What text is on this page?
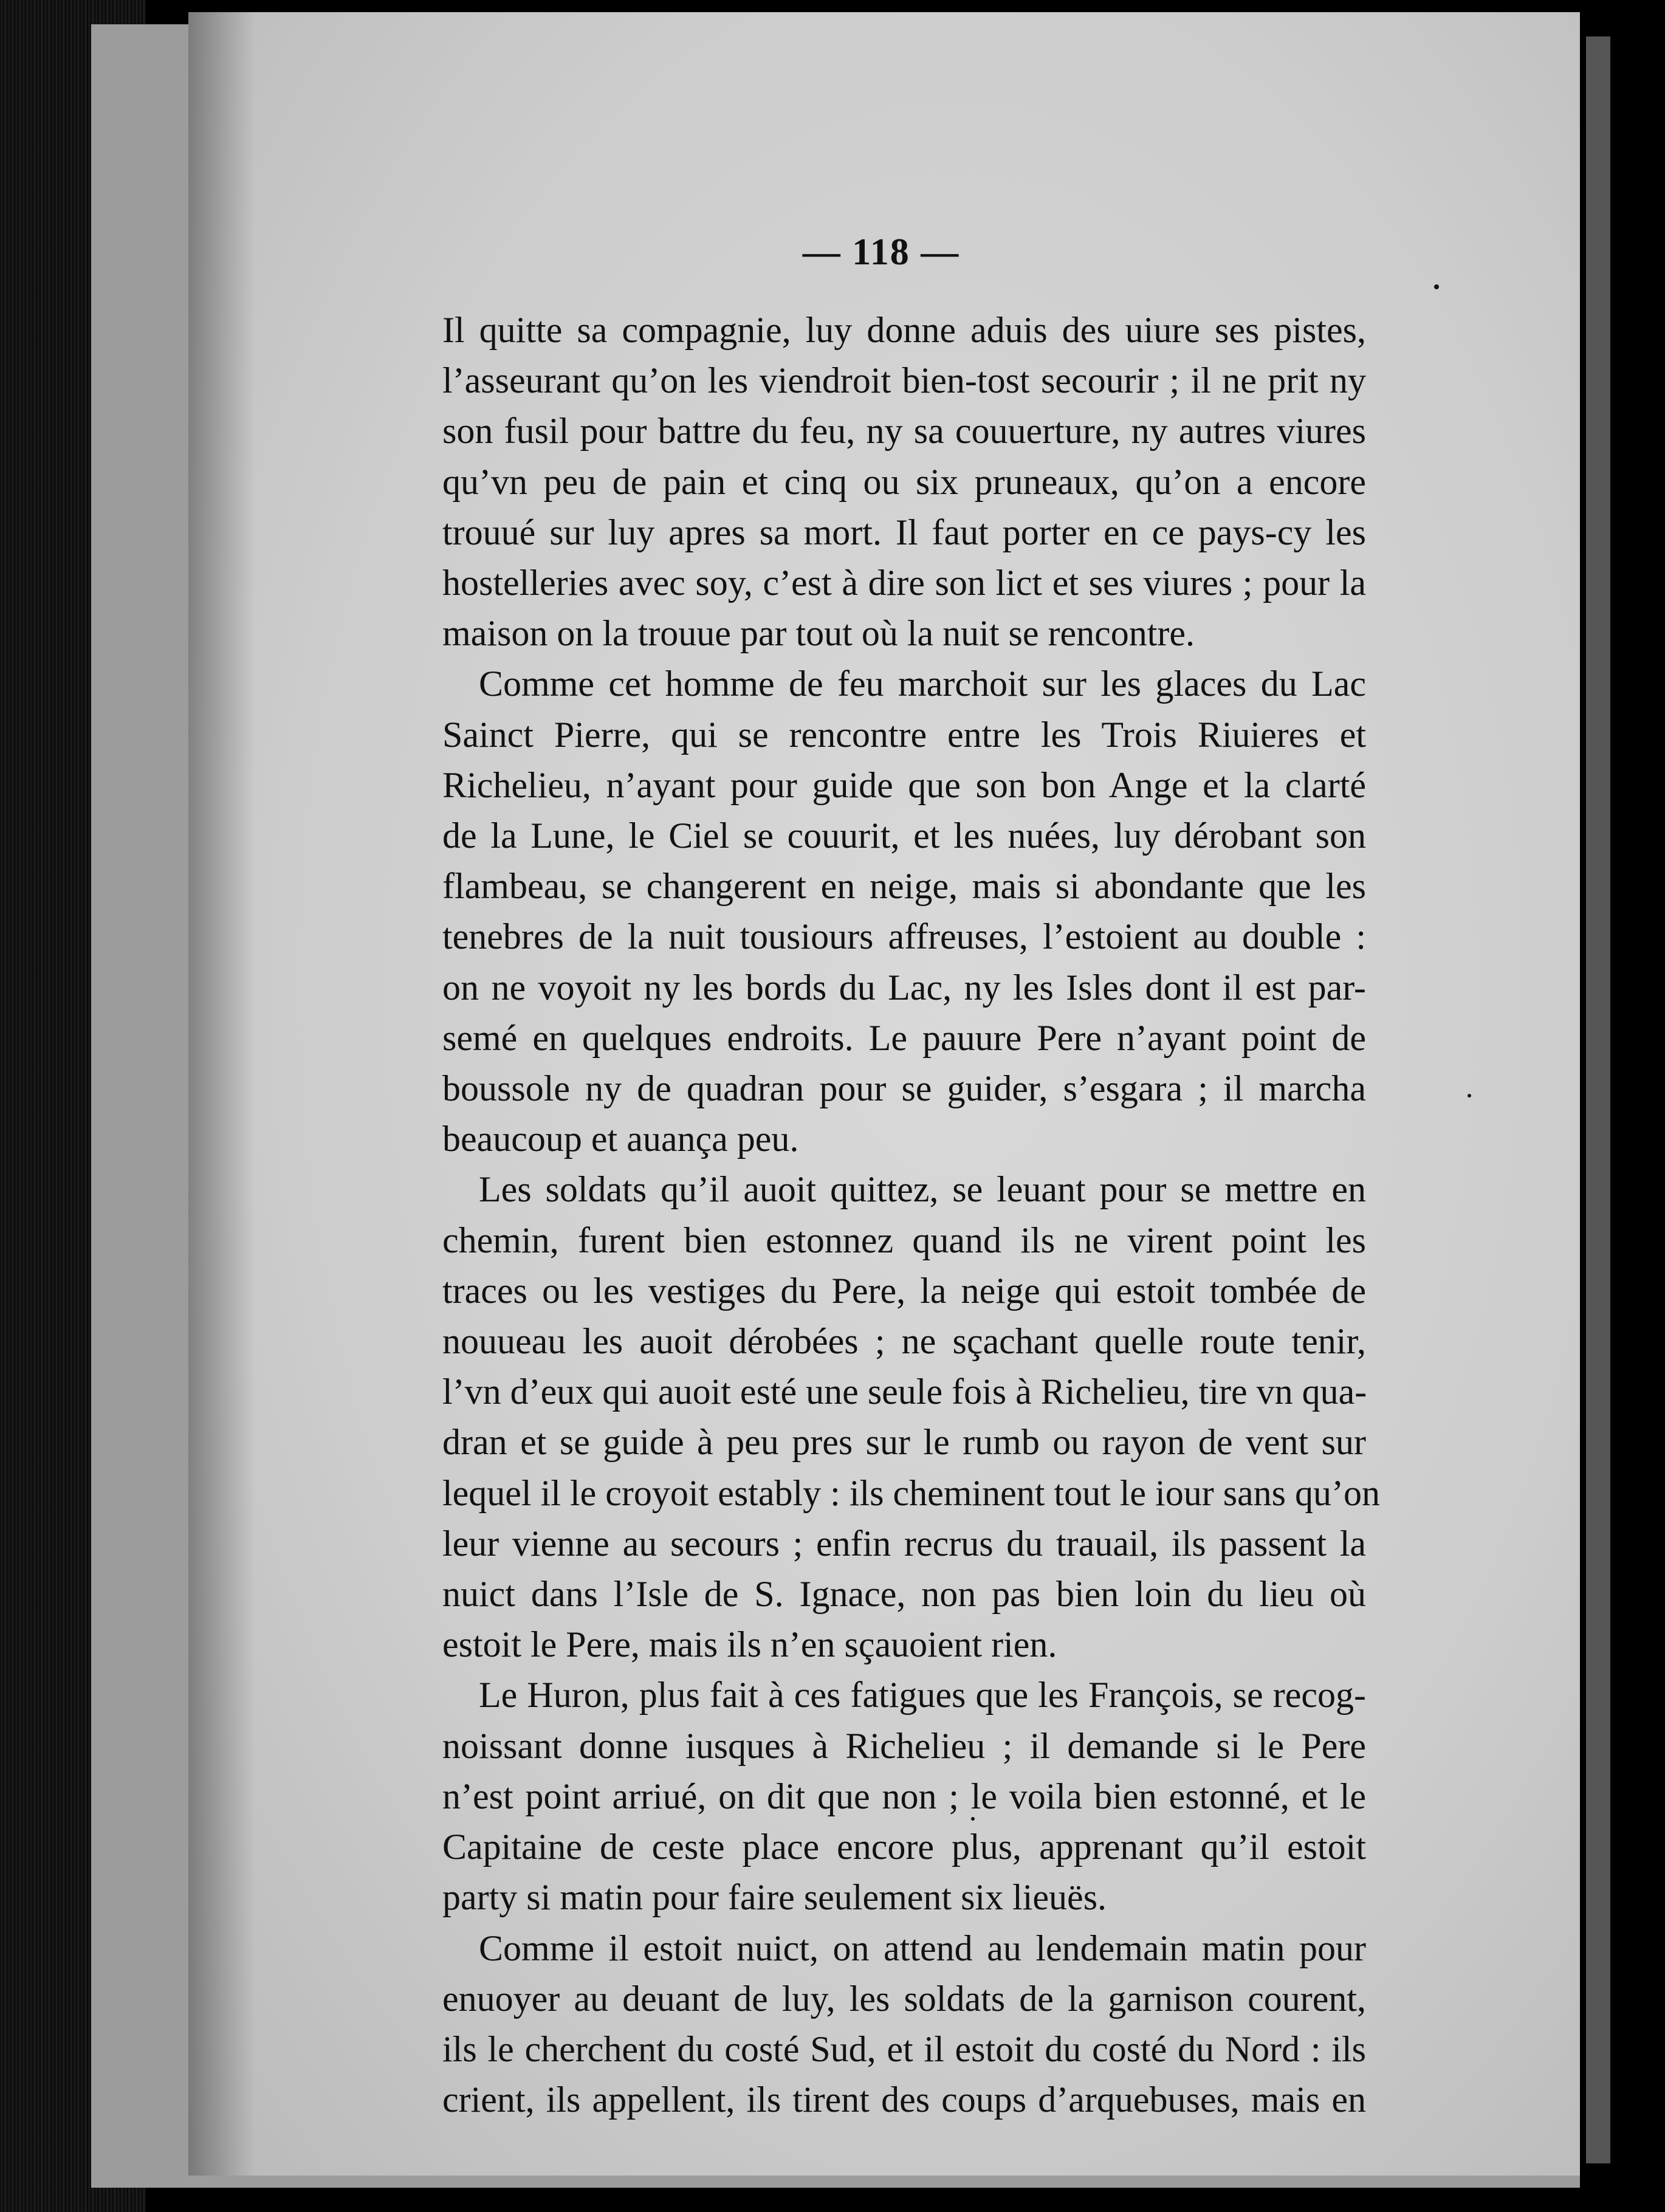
— 118 —
Il quitte sa compagnie, luy donne aduis des uiure ses pistes,
l’asseurant qu’on les viendroit bien-tost secourir ; il ne prit ny
son fusil pour battre du feu, ny sa couuerture, ny autres viures
qu’vn peu de pain et cinq ou six pruneaux, qu’on a encore
trouué sur luy apres sa mort. Il faut porter en ce pays-cy les
hostelleries avec soy, c’est à dire son lict et ses viures ; pour la
maison on la trouue par tout où la nuit se rencontre.
Comme cet homme de feu marchoit sur les glaces du Lac
Sainct Pierre, qui se rencontre entre les Trois Riuieres et
Richelieu, n’ayant pour guide que son bon Ange et la clarté
de la Lune, le Ciel se couurit, et les nuées, luy dérobant son
flambeau, se changerent en neige, mais si abondante que les
tenebres de la nuit tousiours affreuses, l’estoient au double :
on ne voyoit ny les bords du Lac, ny les Isles dont il est par-
semé en quelques endroits. Le pauure Pere n’ayant point de
boussole ny de quadran pour se guider, s’esgara ; il marcha
beaucoup et auança peu.
Les soldats qu’il auoit quittez, se leuant pour se mettre en
chemin, furent bien estonnez quand ils ne virent point les
traces ou les vestiges du Pere, la neige qui estoit tombée de
nouueau les auoit dérobées ; ne sçachant quelle route tenir,
l’vn d’eux qui auoit esté une seule fois à Richelieu, tire vn qua-
dran et se guide à peu pres sur le rumb ou rayon de vent sur
lequel il le croyoit estably : ils cheminent tout le iour sans qu’on
leur vienne au secours ; enfin recrus du trauail, ils passent la
nuict dans l’Isle de S. Ignace, non pas bien loin du lieu où
estoit le Pere, mais ils n’en sçauoient rien.
Le Huron, plus fait à ces fatigues que les François, se recog-
noissant donne iusques à Richelieu ; il demande si le Pere
n’est point arriué, on dit que non ; le voila bien estonné, et le
Capitaine de ceste place encore plus, apprenant qu’il estoit
party si matin pour faire seulement six lieuës.
Comme il estoit nuict, on attend au lendemain matin pour
enuoyer au deuant de luy, les soldats de la garnison courent,
ils le cherchent du costé Sud, et il estoit du costé du Nord : ils
crient, ils appellent, ils tirent des coups d’arquebuses, mais en
